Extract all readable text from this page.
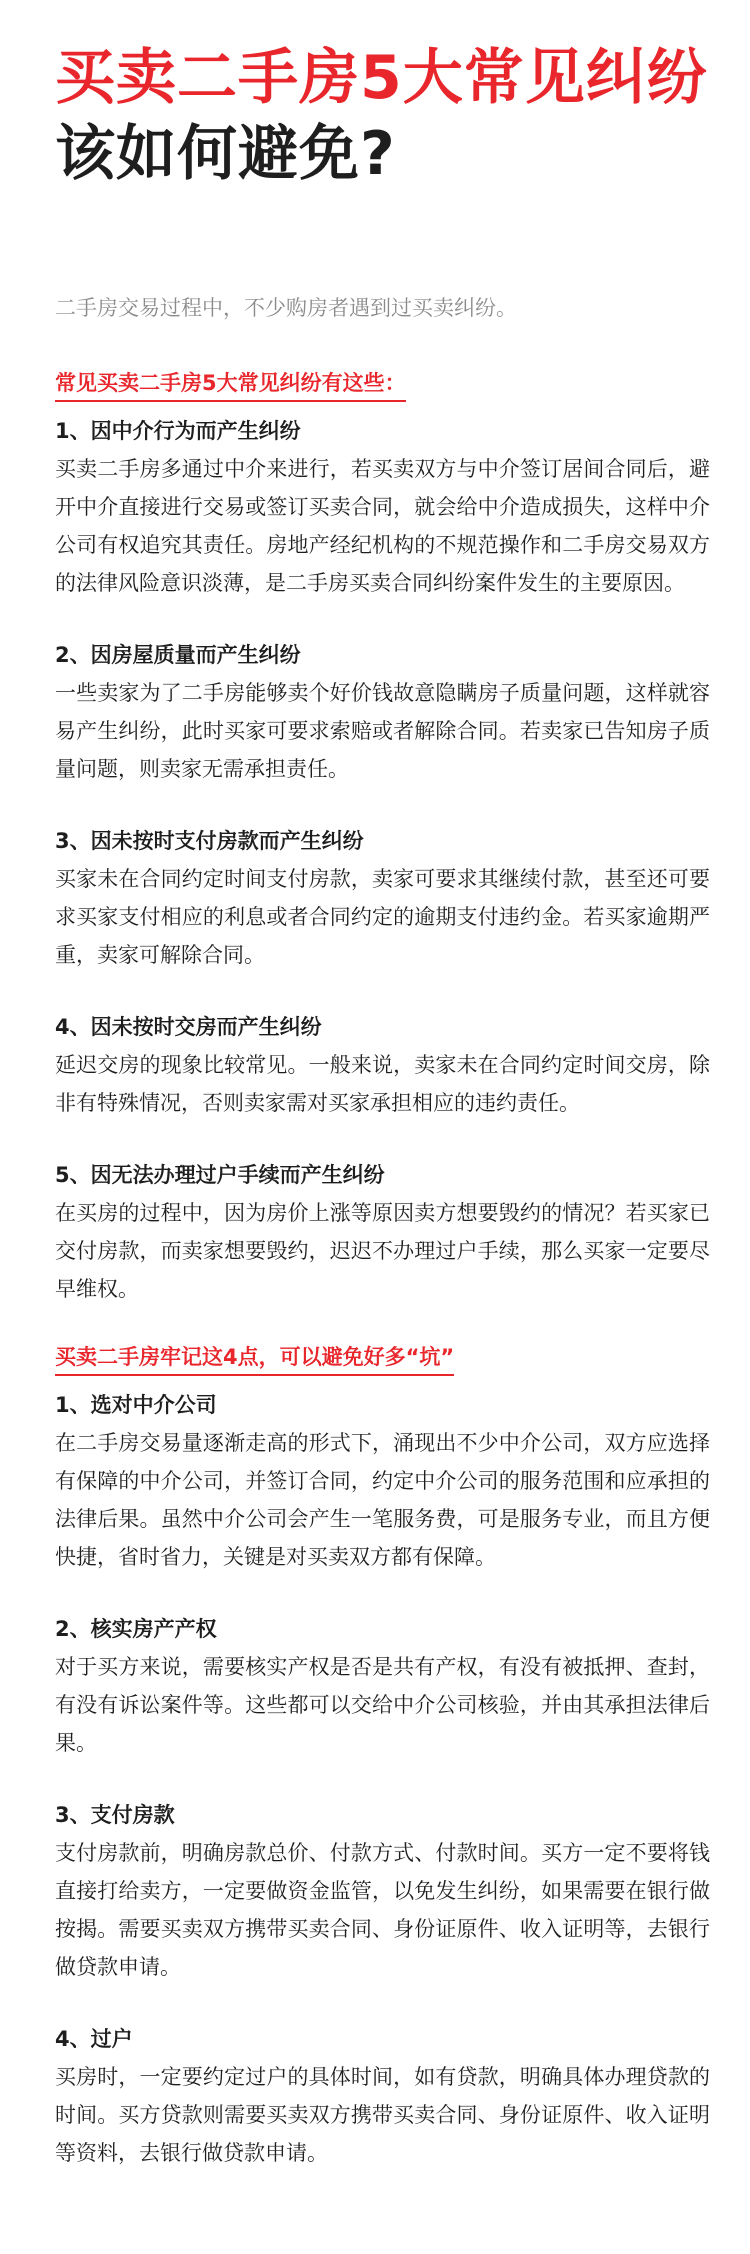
买卖二手房5大常见纠纷
该如何避免?
二手房交易过程中，不少购房者遇到过买卖纠纷。
常见买卖二手房5大常见纠纷有这些：
1、因中介行为而产生纠纷

买卖二手房多通过中介来进行，若买卖双方与中介签订居间合同后，避开中介直接进行交易或签订买卖合同，就会给中介造成损失，这样中介公司有权追究其责任。房地产经纪机构的不规范操作和二手房交易双方的法律风险意识淡薄，是二手房买卖合同纠纷案件发生的主要原因。

2、因房屋质量而产生纠纷

一些卖家为了二手房能够卖个好价钱故意隐瞒房子质量问题，这样就容易产生纠纷，此时买家可要求索赔或者解除合同。若卖家已告知房子质量问题，则卖家无需承担责任。

3、因未按时支付房款而产生纠纷

买家未在合同约定时间支付房款，卖家可要求其继续付款，甚至还可要求买家支付相应的利息或者合同约定的逾期支付违约金。若买家逾期严重，卖家可解除合同。

4、因未按时交房而产生纠纷

延迟交房的现象比较常见。一般来说，卖家未在合同约定时间交房，除非有特殊情况，否则卖家需对买家承担相应的违约责任。

5、因无法办理过户手续而产生纠纷

在买房的过程中，因为房价上涨等原因卖方想要毁约的情况？若买家已交付房款，而卖家想要毁约，迟迟不办理过户手续，那么买家一定要尽早维权。

买卖二手房牢记这4点，可以避免好多“坑”
1、选对中介公司

在二手房交易量逐渐走高的形式下，涌现出不少中介公司，双方应选择有保障的中介公司，并签订合同，约定中介公司的服务范围和应承担的法律后果。虽然中介公司会产生一笔服务费，可是服务专业，而且方便快捷，省时省力，关键是对买卖双方都有保障。

2、核实房产产权

对于买方来说，需要核实产权是否是共有产权，有没有被抵押、查封，有没有诉讼案件等。这些都可以交给中介公司核验，并由其承担法律后果。

3、支付房款

支付房款前，明确房款总价、付款方式、付款时间。买方一定不要将钱直接打给卖方，一定要做资金监管，以免发生纠纷，如果需要在银行做按揭。需要买卖双方携带买卖合同、身份证原件、收入证明等，去银行做贷款申请。

4、过户

买房时，一定要约定过户的具体时间，如有贷款，明确具体办理贷款的时间。买方贷款则需要买卖双方携带买卖合同、身份证原件、收入证明等资料，去银行做贷款申请。
